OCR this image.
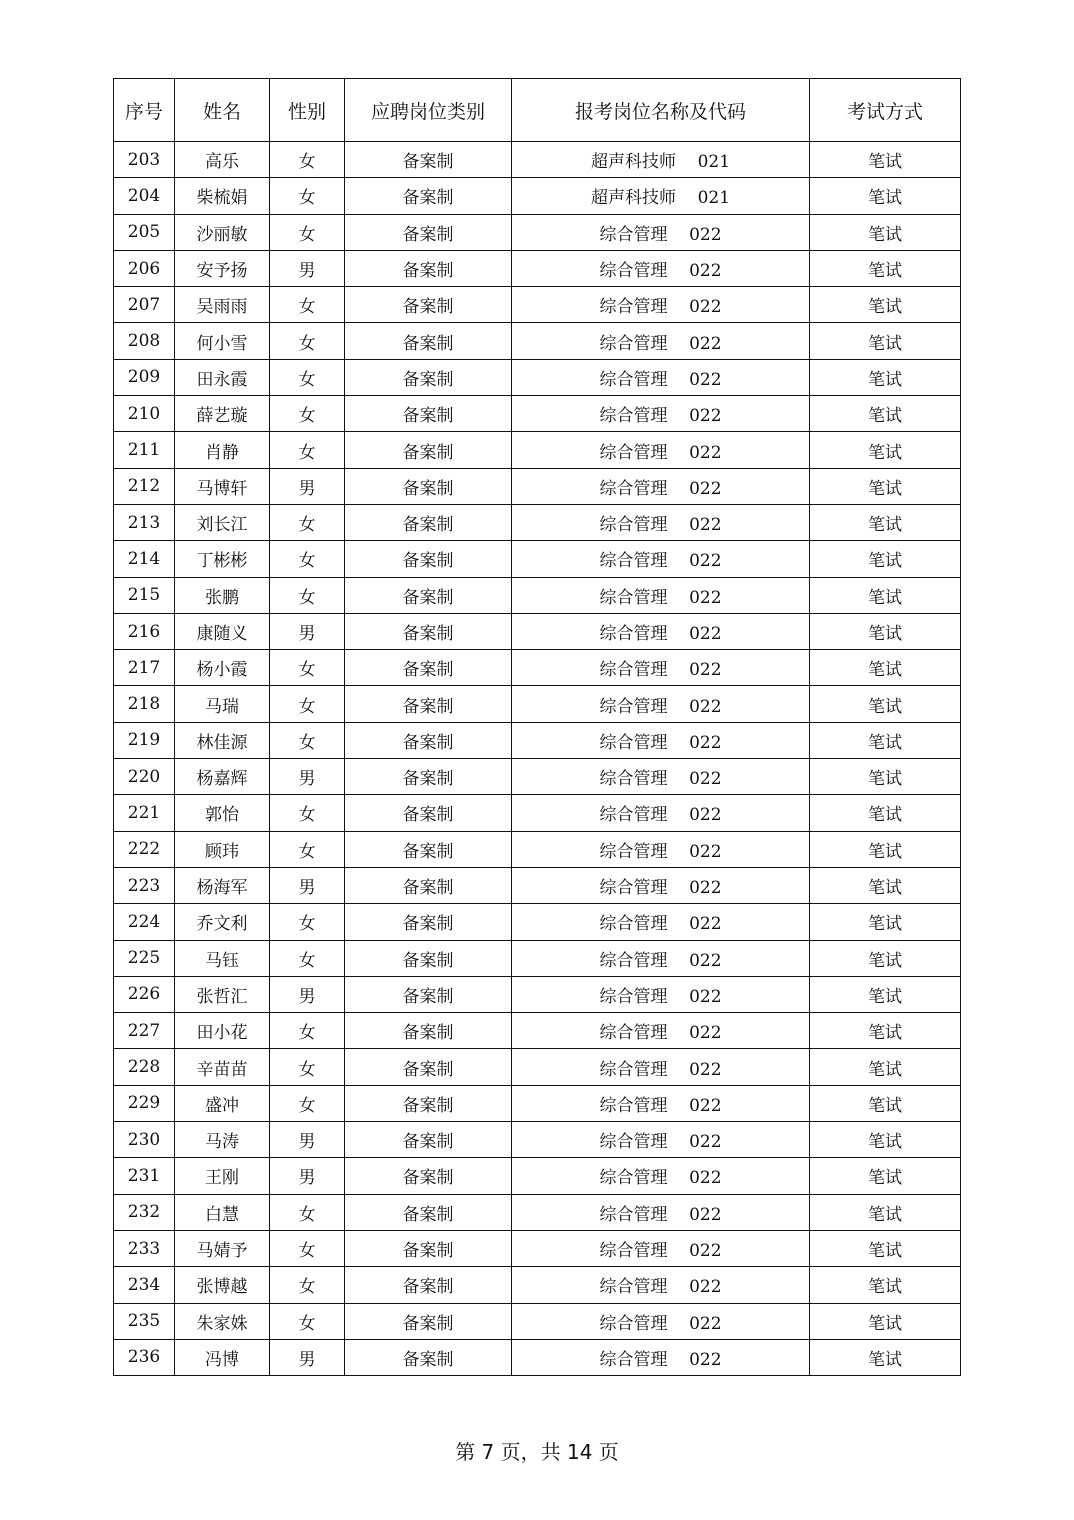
序号	姓名	性别	应聘岗位类别	报考岗位名称及代码	考试方式
203	高乐	女	备案制	超声科技师 021	笔试
204	柴梳娟	女	备案制	超声科技师 021	笔试
205	沙丽敏	女	备案制	综合管理 022	笔试
206	安予扬	男	备案制	综合管理 022	笔试
207	吴雨雨	女	备案制	综合管理 022	笔试
208	何小雪	女	备案制	综合管理 022	笔试
209	田永霞	女	备案制	综合管理 022	笔试
210	薛艺璇	女	备案制	综合管理 022	笔试
211	肖静	女	备案制	综合管理 022	笔试
212	马博轩	男	备案制	综合管理 022	笔试
213	刘长江	女	备案制	综合管理 022	笔试
214	丁彬彬	女	备案制	综合管理 022	笔试
215	张鹏	女	备案制	综合管理 022	笔试
216	康随义	男	备案制	综合管理 022	笔试
217	杨小霞	女	备案制	综合管理 022	笔试
218	马瑞	女	备案制	综合管理 022	笔试
219	林佳源	女	备案制	综合管理 022	笔试
220	杨嘉辉	男	备案制	综合管理 022	笔试
221	郭怡	女	备案制	综合管理 022	笔试
222	顾玮	女	备案制	综合管理 022	笔试
223	杨海军	男	备案制	综合管理 022	笔试
224	乔文利	女	备案制	综合管理 022	笔试
225	马钰	女	备案制	综合管理 022	笔试
226	张哲汇	男	备案制	综合管理 022	笔试
227	田小花	女	备案制	综合管理 022	笔试
228	辛苗苗	女	备案制	综合管理 022	笔试
229	盛冲	女	备案制	综合管理 022	笔试
230	马涛	男	备案制	综合管理 022	笔试
231	王刚	男	备案制	综合管理 022	笔试
232	白慧	女	备案制	综合管理 022	笔试
233	马婧予	女	备案制	综合管理 022	笔试
234	张博越	女	备案制	综合管理 022	笔试
235	朱家姝	女	备案制	综合管理 022	笔试
236	冯博	男	备案制	综合管理 022	笔试
第 7 页，共 14 页
